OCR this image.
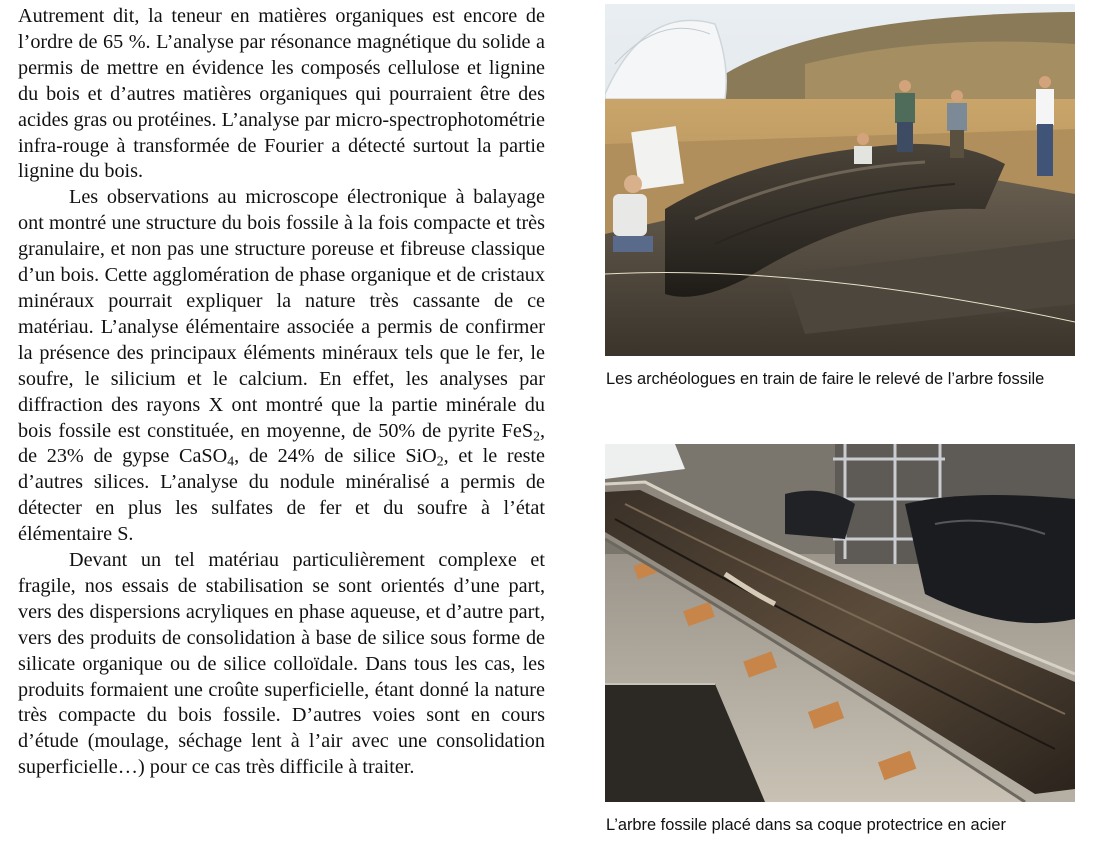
Autrement dit, la teneur en matières organiques est encore de l’ordre de 65 %. L’analyse par résonance magnétique du solide a permis de mettre en évidence les composés cellulose et lignine du bois et d’autres matières organiques qui pourraient être des acides gras ou protéines. L’analyse par micro-spectrophotométrie infra-rouge à transformée de Fourier a détecté surtout la partie lignine du bois.

Les observations au microscope électronique à balayage ont montré une structure du bois fossile à la fois compacte et très granulaire, et non pas une structure poreuse et fibreuse classique d’un bois. Cette agglomération de phase organique et de cristaux minéraux pourrait expliquer la nature très cassante de ce matériau. L’analyse élémentaire associée a permis de confirmer la présence des principaux éléments minéraux tels que le fer, le soufre, le silicium et le calcium. En effet, les analyses par diffraction des rayons X ont montré que la partie minérale du bois fossile est constituée, en moyenne, de 50% de pyrite FeS$_2$, de 23% de gypse CaSO$_4$, de 24% de silice SiO$_2$, et le reste d’autres silices. L’analyse du nodule minéralisé a permis de détecter en plus les sulfates de fer et du soufre à l’état élémentaire S.

Devant un tel matériau particulièrement complexe et fragile, nos essais de stabilisation se sont orientés d’une part, vers des dispersions acryliques en phase aqueuse, et d’autre part, vers des produits de consolidation à base de silice sous forme de silicate organique ou de silice colloïdale. Dans tous les cas, les produits formaient une croûte superficielle, étant donné la nature très compacte du bois fossile. D’autres voies sont en cours d’étude (moulage, séchage lent à l’air avec une consolidation superficielle…) pour ce cas très difficile à traiter.

Les archéologues en train de faire le relevé de l’arbre fossile
L’arbre fossile placé dans sa coque protectrice en acier
